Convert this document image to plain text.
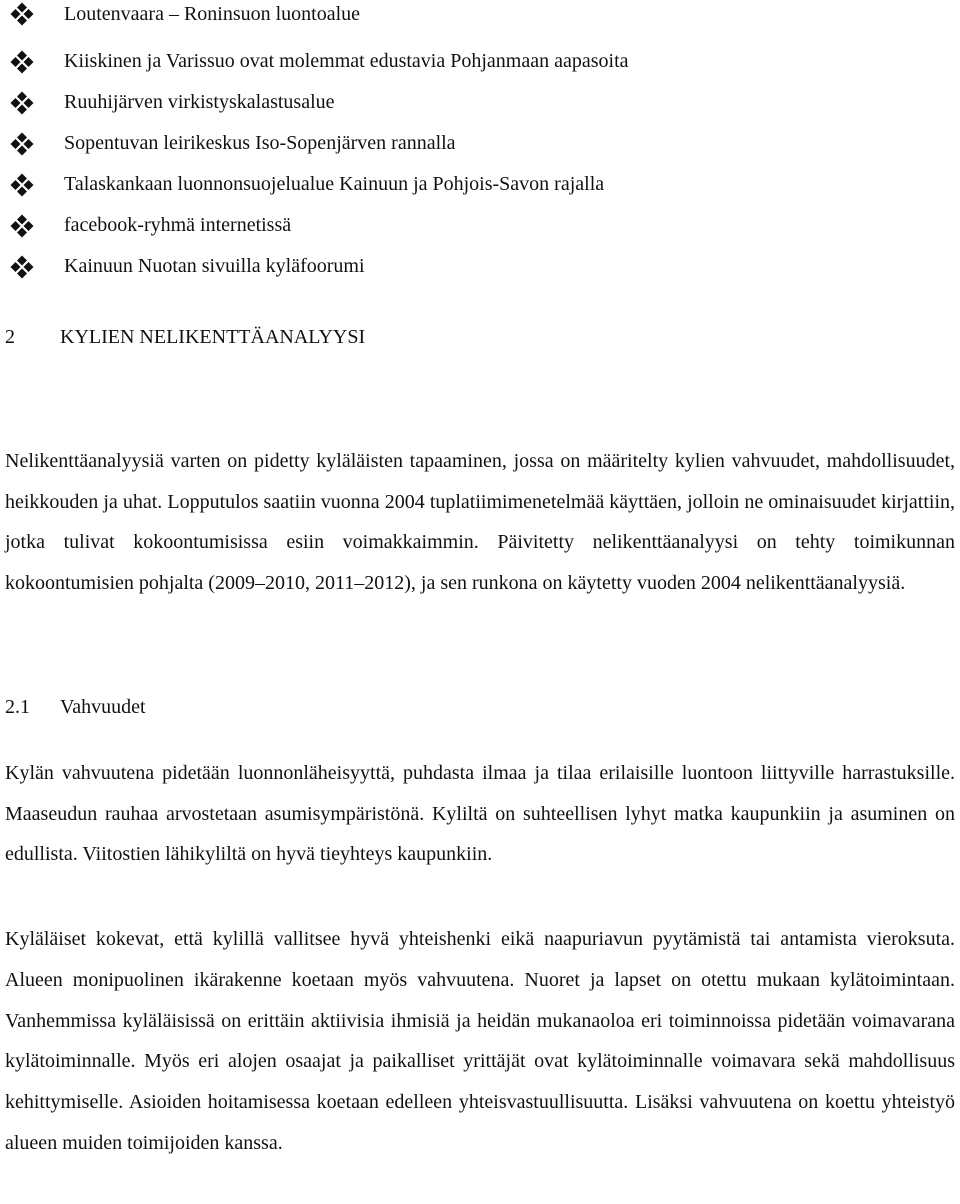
Loutenvaara – Roninsuon luontoalue
Kiiskinen ja Varissuo ovat molemmat edustavia Pohjanmaan aapasoita
Ruuhijärven virkistyskalastusalue
Sopentuvan leirikeskus Iso-Sopenjärven rannalla
Talaskankaan luonnonsuojelualue Kainuun ja Pohjois-Savon rajalla
facebook-ryhmä internetissä
Kainuun Nuotan sivuilla kyläfoorumi
2 KYLIEN NELIKENTTÄANALYYSI

Nelikenttäanalyysiä varten on pidetty kyläläisten tapaaminen, jossa on määritelty kylien vahvuudet, mahdollisuudet, heikkouden ja uhat. Lopputulos saatiin vuonna 2004 tuplatiimimenetelmää käyttäen, jolloin ne ominaisuudet kirjattiin, jotka tulivat kokoontumisissa esiin voimakkaimmin. Päivitetty nelikenttäanalyysi on tehty toimikunnan kokoontumisien pohjalta (2009–2010, 2011–2012), ja sen runkona on käytetty vuoden 2004 nelikenttäanalyysiä.

2.1 Vahvuudet

Kylän vahvuutena pidetään luonnonläheisyyttä, puhdasta ilmaa ja tilaa erilaisille luontoon liittyville harrastuksille. Maaseudun rauhaa arvostetaan asumisympäristönä. Kyliltä on suhteellisen lyhyt matka kaupunkiin ja asuminen on edullista. Viitostien lähikyliltä on hyvä tieyhteys kaupunkiin.

Kyläläiset kokevat, että kylillä vallitsee hyvä yhteishenki eikä naapuriavun pyytämistä tai antamista vieroksuta. Alueen monipuolinen ikärakenne koetaan myös vahvuutena. Nuoret ja lapset on otettu mukaan kylätoimintaan. Vanhemmissa kyläläisissä on erittäin aktiivisia ihmisiä ja heidän mukanaoloa eri toiminnoissa pidetään voimavarana kylätoiminnalle. Myös eri alojen osaajat ja paikalliset yrittäjät ovat kylätoiminnalle voimavara sekä mahdollisuus kehittymiselle. Asioiden hoitamisessa koetaan edelleen yhteisvastuullisuutta. Lisäksi vahvuutena on koettu yhteistyö alueen muiden toimijoiden kanssa.
